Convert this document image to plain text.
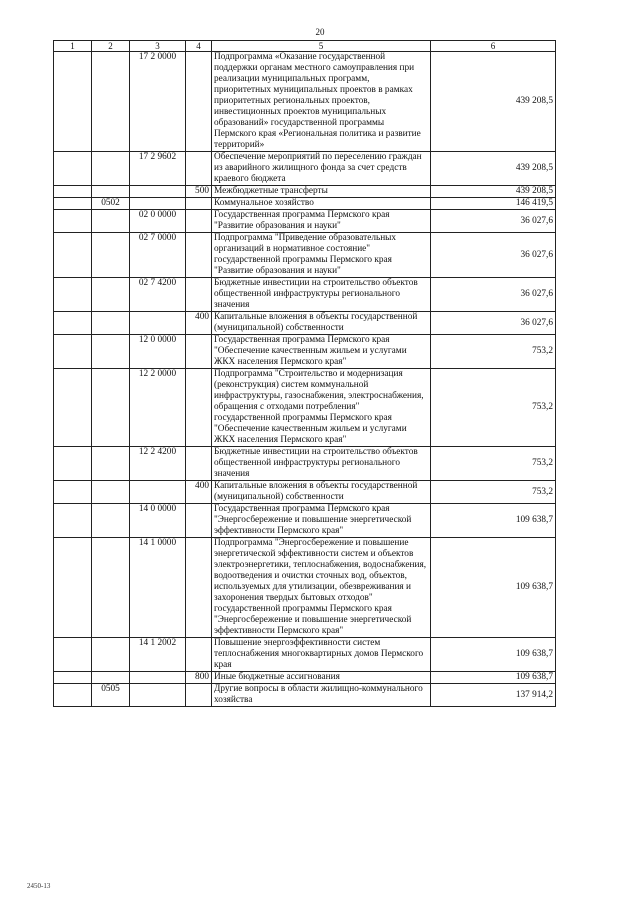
20
1	2	3	4	5	6
		17 2 0000		Подпрограмма «Оказание государственной поддержки органам местного самоуправления при реализации муниципальных программ, приоритетных муниципальных проектов в рамках приоритетных региональных проектов, инвестиционных проектов муниципальных образований» государственной программы Пермского края «Региональная политика и развитие территорий»	439 208,5
		17 2 9602		Обеспечение мероприятий по переселению граждан из аварийного жилищного фонда за счет средств краевого бюджета	439 208,5
			500	Межбюджетные трансферты	439 208,5
	0502			Коммунальное хозяйство	146 419,5
		02 0 0000		Государственная программа Пермского края "Развитие образования и науки"	36 027,6
		02 7 0000		Подпрограмма "Приведение образовательных организаций в нормативное состояние" государственной программы Пермского края "Развитие образования и науки"	36 027,6
		02 7 4200		Бюджетные инвестиции на строительство объектов общественной инфраструктуры регионального значения	36 027,6
			400	Капитальные вложения в объекты государственной (муниципальной) собственности	36 027,6
		12 0 0000		Государственная программа Пермского края "Обеспечение качественным жильем и услугами ЖКХ населения Пермского края"	753,2
		12 2 0000		Подпрограмма "Строительство и модернизация (реконструкция) систем коммунальной инфраструктуры, газоснабжения, электроснабжения, обращения с отходами потребления" государственной программы Пермского края "Обеспечение качественным жильем и услугами ЖКХ населения Пермского края"	753,2
		12 2 4200		Бюджетные инвестиции на строительство объектов общественной инфраструктуры регионального значения	753,2
			400	Капитальные вложения в объекты государственной (муниципальной) собственности	753,2
		14 0 0000		Государственная программа Пермского края "Энергосбережение и повышение энергетической эффективности Пермского края"	109 638,7
		14 1 0000		Подпрограмма "Энергосбережение и повышение энергетической эффективности систем и объектов электроэнергетики, теплоснабжения, водоснабжения, водоотведения и очистки сточных вод, объектов, используемых для утилизации, обезвреживания и захоронения твердых бытовых отходов" государственной программы Пермского края "Энергосбережение и повышение энергетической эффективности Пермского края"	109 638,7
		14 1 2002		Повышение энергоэффективности систем теплоснабжения многоквартирных домов Пермского края	109 638,7
			800	Иные бюджетные ассигнования	109 638,7
	0505			Другие вопросы в области жилищно-коммунального хозяйства	137 914,2
2450-13
